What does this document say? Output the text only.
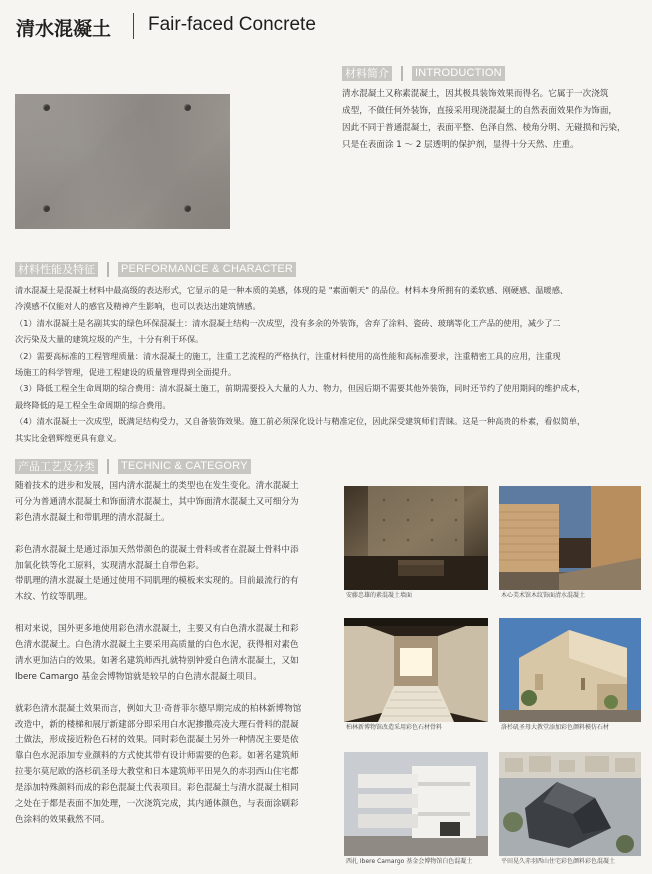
清水混凝土 Fair-faced Concrete
材料简介 INTRODUCTION

清水混凝土又称素混凝土，因其极具装饰效果而得名。它属于一次浇筑

成型，不做任何外装饰，直接采用现浇混凝土的自然表面效果作为饰面，

因此不同于普通混凝土，表面平整、色泽自然、棱角分明、无碰损和污染，

只是在表面涂 1 ～ 2 层透明的保护剂，显得十分天然、庄重。

材料性能及特征 PERFORMANCE & CHARACTER

清水混凝土是混凝土材料中最高级的表达形式，它显示的是一种本质的美感，体现的是 "素面朝天" 的品位。材料本身所拥有的柔软感、刚硬感、温暖感、

冷漠感不仅能对人的感官及精神产生影响，也可以表达出建筑情感。

（1）清水混凝土是名副其实的绿色环保混凝土：清水混凝土结构一次成型，没有多余的外装饰，舍弃了涂料、瓷砖、玻璃等化工产品的使用，减少了二

次污染及大量的建筑垃圾的产生，十分有利于环保。

（2）需要高标准的工程管理质量：清水混凝土的施工，注重工艺流程的严格执行，注重材料使用的高性能和高标准要求，注重精密工具的应用，注重现

场施工的科学管理，促进工程建设的质量管理得到全面提升。

（3）降低工程全生命周期的综合费用：清水混凝土施工，前期需要投入大量的人力、物力，但因后期不需要其他外装饰，同时还节约了使用期间的维护成本，

最终降低的是工程全生命周期的综合费用。

（4）清水混凝土一次成型，既满足结构受力，又自备装饰效果。施工前必须深化设计与精准定位，因此深受建筑师们青睐。这是一种高贵的朴素，看似简单，

其实比金碧辉煌更具有意义。

产品工艺及分类 TECHNIC & CATEGORY

随着技术的进步和发展，国内清水混凝土的类型也在发生变化。清水混凝土

可分为普通清水混凝土和饰面清水混凝土，其中饰面清水混凝土又可细分为

彩色清水混凝土和带肌理的清水混凝土。

彩色清水混凝土是通过添加天然带颜色的混凝土骨料或者在混凝土骨料中添

加氧化铁等化工原料，实现清水混凝土自带色彩。

带肌理的清水混凝土是通过使用不同肌理的模板来实现的。目前最流行的有

木纹、竹纹等肌理。

相对来说，国外更多地使用彩色清水混凝土，主要又有白色清水混凝土和彩

色清水混凝土。白色清水混凝土主要采用高质量的白色水泥，获得相对素色

清水更加洁白的效果。如著名建筑师西扎就特别钟爱白色清水混凝土，又如

Ibere Camargo 基金会博物馆就是较早的白色清水混凝土项目。

就彩色清水混凝土效果而言，例如大卫·奇普菲尔德早期完成的柏林新博物馆

改造中，新的楼梯和展厅新建部分即采用白水泥掺撒亮凌大理石骨料的混凝

土做法，形成接近粉色石材的效果。同时彩色混凝土另外一种情况主要是依

靠白色水泥添加专业颜料的方式使其带有设计师需要的色彩。如著名建筑师

拉斐尔莫尼欧的洛杉矶圣母大教堂和日本建筑师平田晃久的赤羽西山住宅都

是添加特殊颜料而成的彩色混凝土代表项目。彩色混凝土与清水混凝土相同

之处在于都是表面不加处理，一次浇筑完成，其内通体颜色，与表面涂刷彩

色涂料的效果截然不同。

安藤忠雄的素混凝土墙面	木心美术馆木纹饰面清水混凝土
柏林新博物馆改造采用彩色石材骨料	洛杉矶圣母大教堂添加彩色颜料模仿石材
西扎 Ibere Camargo 基金会博物馆白色混凝土	平田晃久赤羽西山住宅彩色颜料彩色混凝土
